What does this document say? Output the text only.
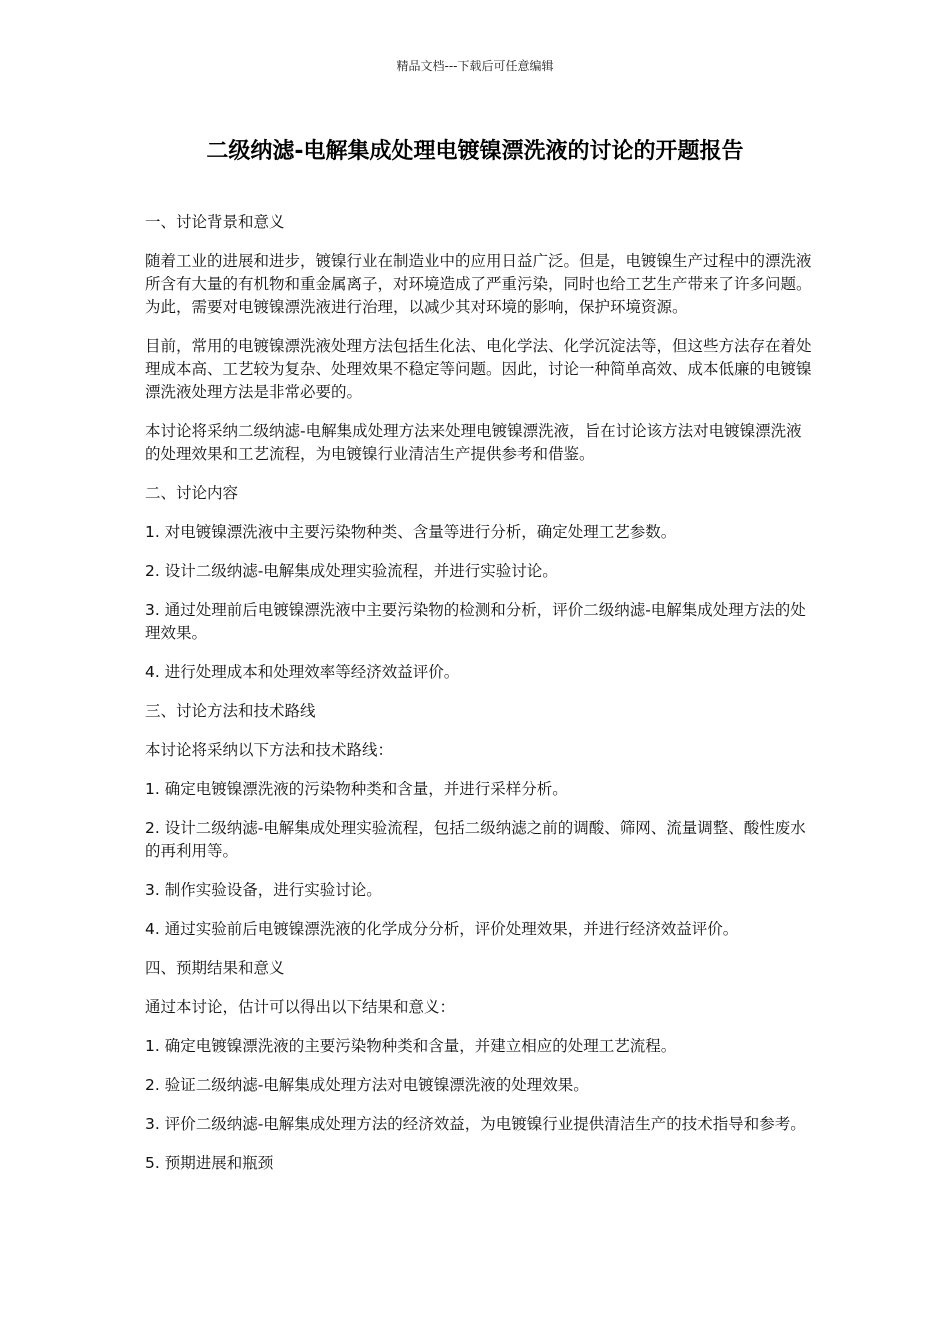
精品文档---下载后可任意编辑
二级纳滤-电解集成处理电镀镍漂洗液的讨论的开题报告

一、讨论背景和意义

随着工业的进展和进步，镀镍行业在制造业中的应用日益广泛。但是，电镀镍生产过程中的漂洗液所含有大量的有机物和重金属离子，对环境造成了严重污染，同时也给工艺生产带来了许多问题。为此，需要对电镀镍漂洗液进行治理，以减少其对环境的影响，保护环境资源。

目前，常用的电镀镍漂洗液处理方法包括生化法、电化学法、化学沉淀法等，但这些方法存在着处理成本高、工艺较为复杂、处理效果不稳定等问题。因此，讨论一种简单高效、成本低廉的电镀镍漂洗液处理方法是非常必要的。

本讨论将采纳二级纳滤-电解集成处理方法来处理电镀镍漂洗液，旨在讨论该方法对电镀镍漂洗液的处理效果和工艺流程，为电镀镍行业清洁生产提供参考和借鉴。

二、讨论内容

1. 对电镀镍漂洗液中主要污染物种类、含量等进行分析，确定处理工艺参数。

2. 设计二级纳滤-电解集成处理实验流程，并进行实验讨论。

3. 通过处理前后电镀镍漂洗液中主要污染物的检测和分析，评价二级纳滤-电解集成处理方法的处理效果。

4. 进行处理成本和处理效率等经济效益评价。

三、讨论方法和技术路线

本讨论将采纳以下方法和技术路线：

1. 确定电镀镍漂洗液的污染物种类和含量，并进行采样分析。

2. 设计二级纳滤-电解集成处理实验流程，包括二级纳滤之前的调酸、筛网、流量调整、酸性废水的再利用等。

3. 制作实验设备，进行实验讨论。

4. 通过实验前后电镀镍漂洗液的化学成分分析，评价处理效果，并进行经济效益评价。

四、预期结果和意义

通过本讨论，估计可以得出以下结果和意义：

1. 确定电镀镍漂洗液的主要污染物种类和含量，并建立相应的处理工艺流程。

2. 验证二级纳滤-电解集成处理方法对电镀镍漂洗液的处理效果。

3. 评价二级纳滤-电解集成处理方法的经济效益，为电镀镍行业提供清洁生产的技术指导和参考。

5. 预期进展和瓶颈
